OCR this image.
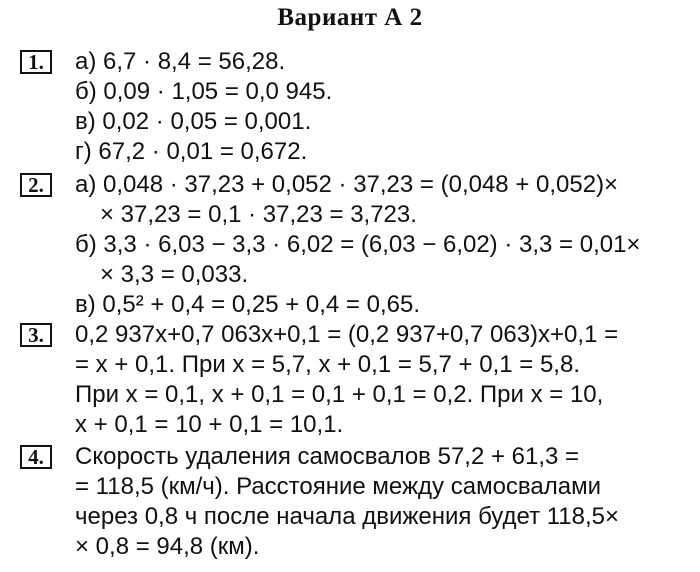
Вариант А 2
1.	а) 6,7 · 8,4 = 56,28.
б) 0,09 · 1,05 = 0,0 945.
в) 0,02 · 0,05 = 0,001.
г) 67,2 · 0,01 = 0,672.
2.	а) 0,048 · 37,23 + 0,052 · 37,23 = (0,048 + 0,052)×
× 37,23 = 0,1 · 37,23 = 3,723.
б) 3,3 · 6,03 − 3,3 · 6,02 = (6,03 − 6,02) · 3,3 = 0,01×
× 3,3 = 0,033.
в) 0,5² + 0,4 = 0,25 + 0,4 = 0,65.
3.	0,2 937x+0,7 063x+0,1 = (0,2 937+0,7 063)x+0,1 =
= x + 0,1. При x = 5,7, x + 0,1 = 5,7 + 0,1 = 5,8.
При x = 0,1, x + 0,1 = 0,1 + 0,1 = 0,2. При x = 10,
x + 0,1 = 10 + 0,1 = 10,1.
4.	Скорость удаления самосвалов 57,2 + 61,3 =
= 118,5 (км/ч). Расстояние между самосвалами
через 0,8 ч после начала движения будет 118,5×
× 0,8 = 94,8 (км).
